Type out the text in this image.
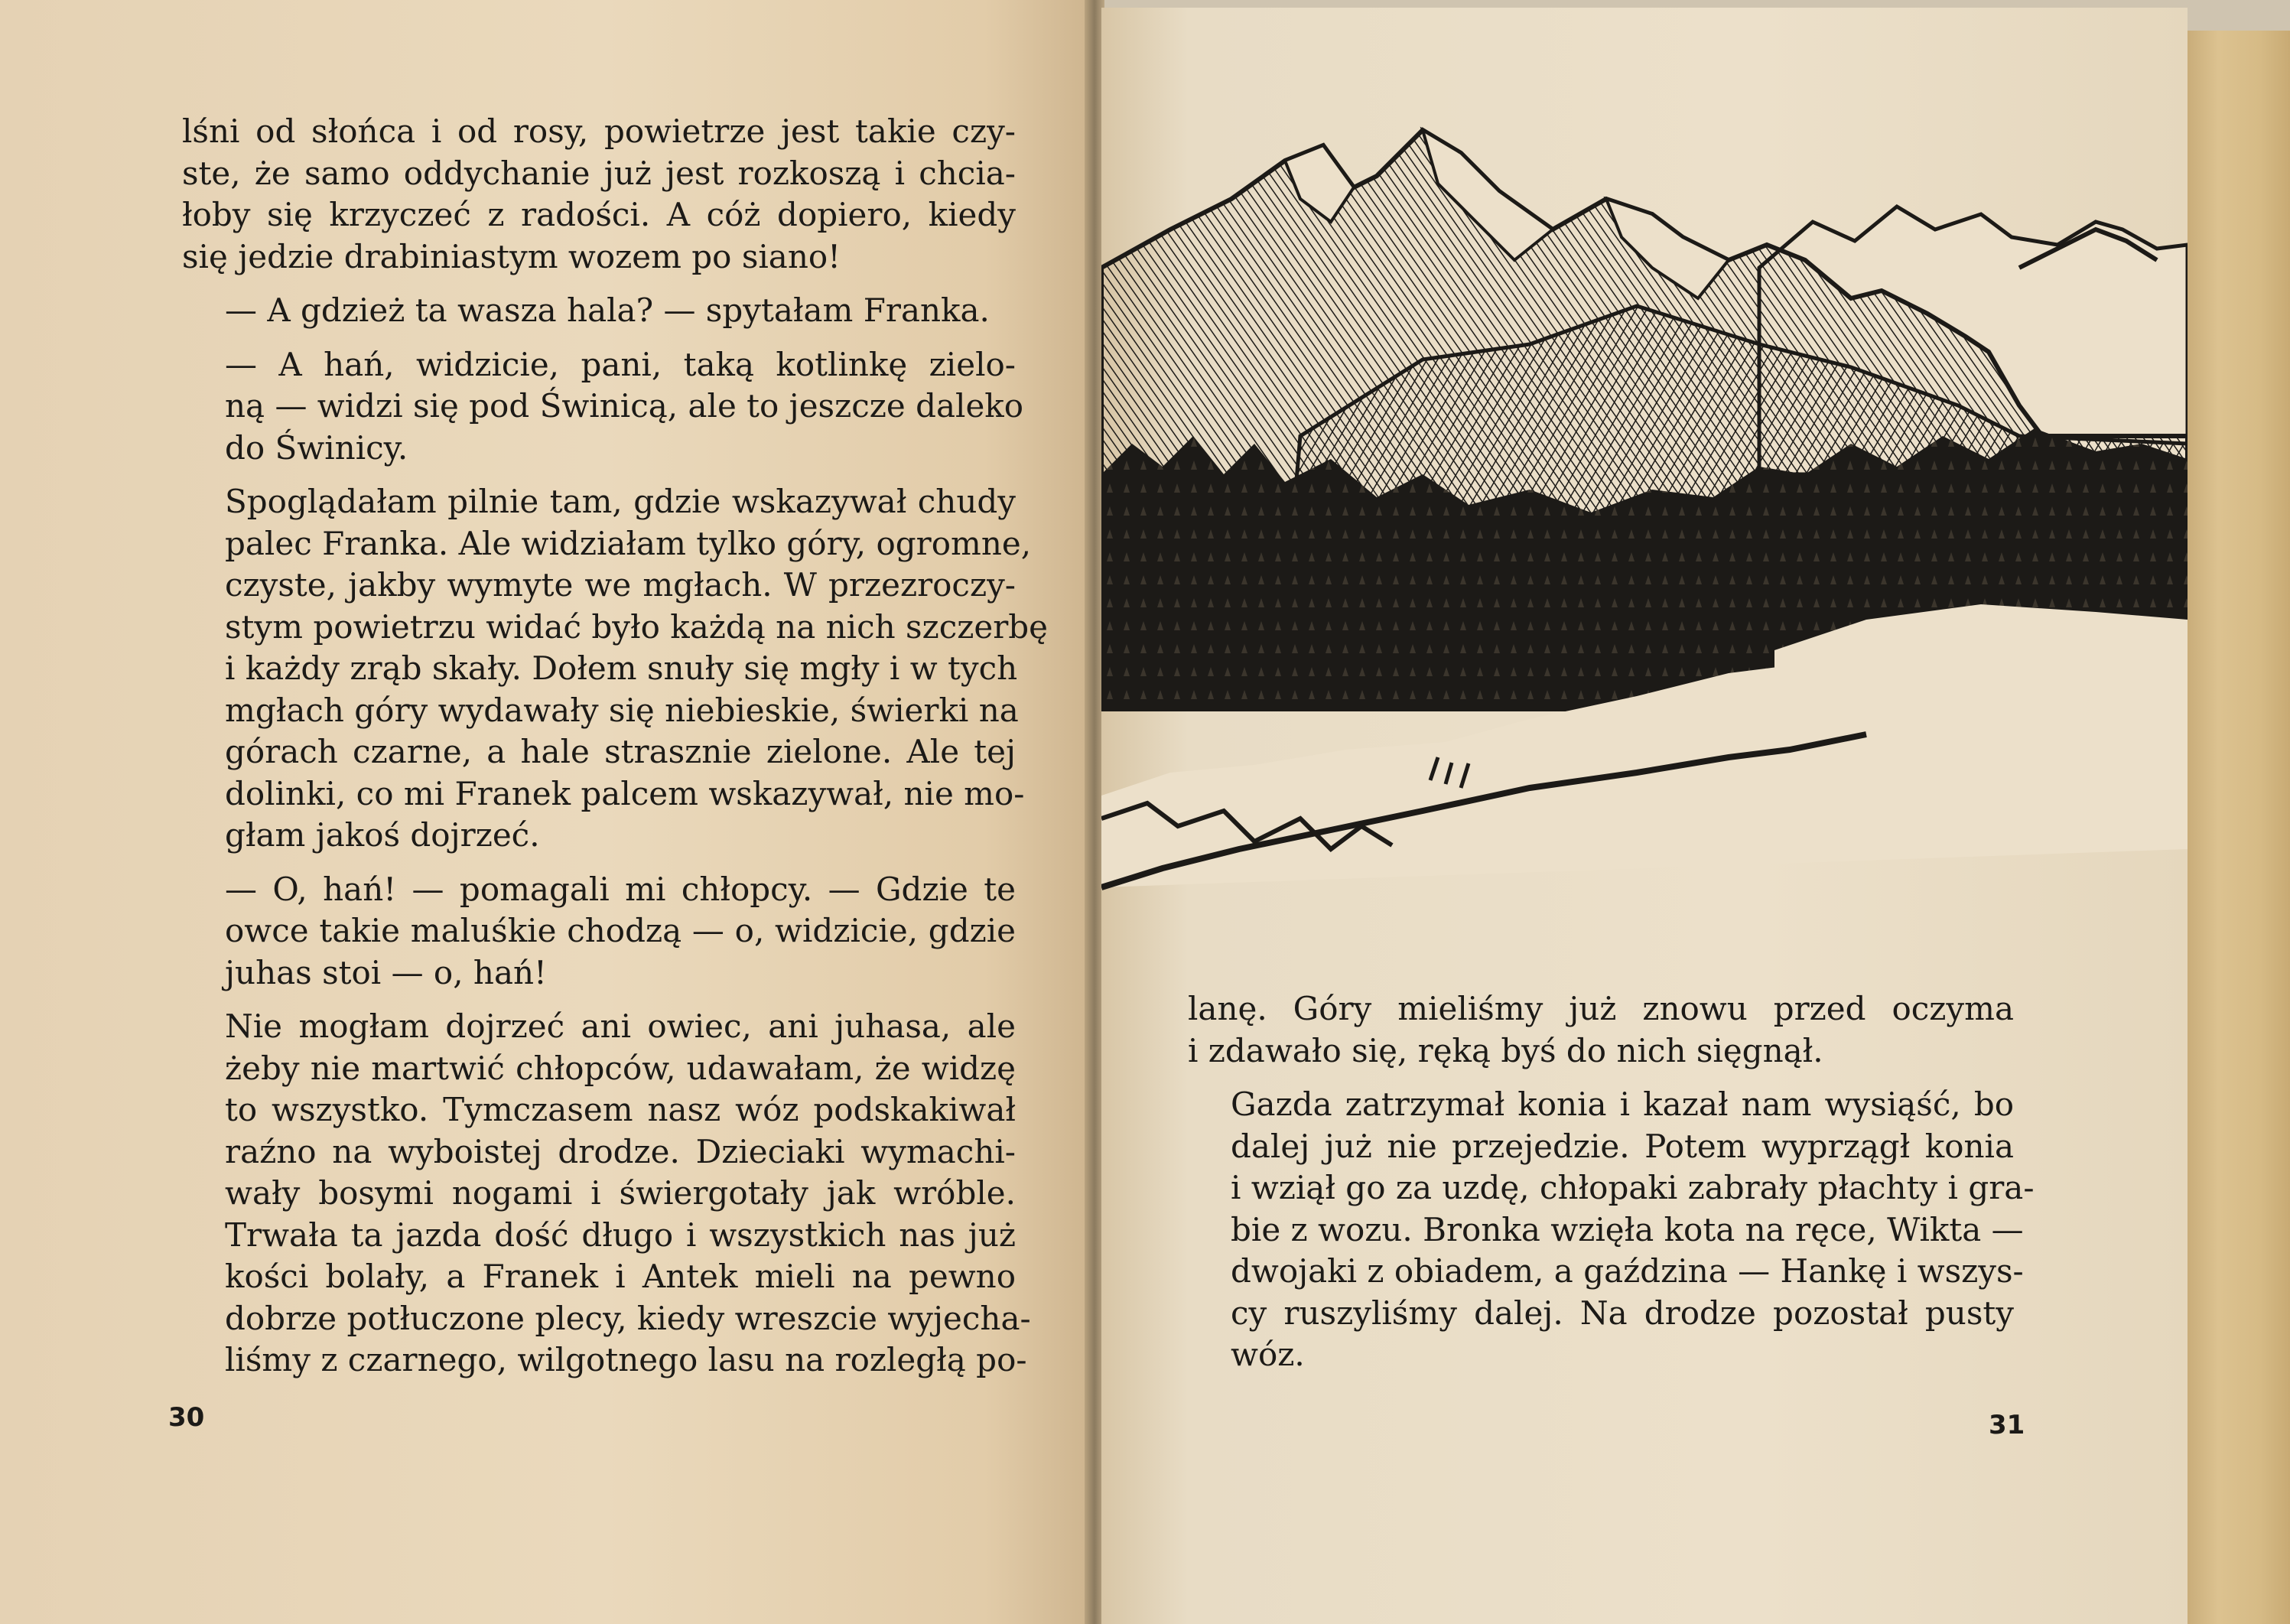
lśni od słońca i od rosy, powietrze jest takie czy-
ste, że samo oddychanie już jest rozkoszą i chcia-
łoby się krzyczeć z radości. A cóż dopiero, kiedy
się jedzie drabiniastym wozem po siano!

— A gdzież ta wasza hala? — spytałam Franka.

— A hań, widzicie, pani, taką kotlinkę zielo-
ną — widzi się pod Świnicą, ale to jeszcze daleko
do Świnicy.

Spoglądałam pilnie tam, gdzie wskazywał chudy
palec Franka. Ale widziałam tylko góry, ogromne,
czyste, jakby wymyte we mgłach. W przezroczy-
stym powietrzu widać było każdą na nich szczerbę
i każdy zrąb skały. Dołem snuły się mgły i w tych
mgłach góry wydawały się niebieskie, świerki na
górach czarne, a hale strasznie zielone. Ale tej
dolinki, co mi Franek palcem wskazywał, nie mo-
głam jakoś dojrzeć.

— O, hań! — pomagali mi chłopcy. — Gdzie te
owce takie maluśkie chodzą — o, widzicie, gdzie
juhas stoi — o, hań!

Nie mogłam dojrzeć ani owiec, ani juhasa, ale
żeby nie martwić chłopców, udawałam, że widzę
to wszystko. Tymczasem nasz wóz podskakiwał
raźno na wyboistej drodze. Dzieciaki wymachi-
wały bosymi nogami i świergotały jak wróble.
Trwała ta jazda dość długo i wszystkich nas już
kości bolały, a Franek i Antek mieli na pewno
dobrze potłuczone plecy, kiedy wreszcie wyjecha-
liśmy z czarnego, wilgotnego lasu na rozległą po-

30

lanę. Góry mieliśmy już znowu przed oczyma
i zdawało się, ręką byś do nich sięgnął.

Gazda zatrzymał konia i kazał nam wysiąść, bo
dalej już nie przejedzie. Potem wyprzągł konia
i wziął go za uzdę, chłopaki zabrały płachty i gra-
bie z wozu. Bronka wzięła kota na ręce, Wikta —
dwojaki z obiadem, a gaździna — Hankę i wszys-
cy ruszyliśmy dalej. Na drodze pozostał pusty
wóz.

31
